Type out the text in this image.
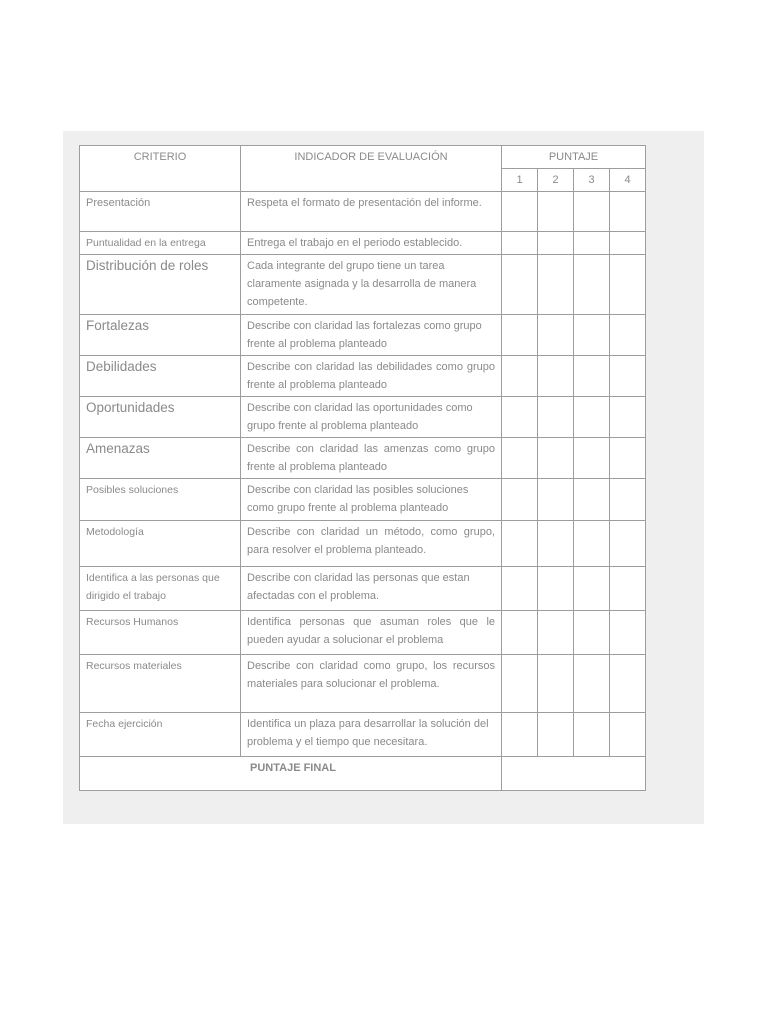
CRITERIO	INDICADOR DE EVALUACIÓN	PUNTAJE			
		1	2	3	4
Presentación	Respeta el formato de presentación del informe.				
Puntualidad en la entrega	Entrega el trabajo en el periodo establecido.				
Distribución de roles	Cada integrante del grupo tiene un tarea claramente asignada y la desarrolla de manera competente.				
Fortalezas	Describe con claridad las fortalezas como grupo frente al problema planteado				
Debilidades	Describe con claridad las debilidades como grupo frente al problema planteado				
Oportunidades	Describe con claridad las oportunidades como grupo frente al problema planteado				
Amenazas	Describe con claridad las amenzas como grupo frente al problema planteado				
Posibles soluciones	Describe con claridad las posibles soluciones como grupo frente al problema planteado				
Metodología	Describe con claridad un método, como grupo, para resolver el problema planteado.				
Identifica a las personas que dirigido el trabajo	Describe con claridad las personas que estan afectadas con el problema.				
Recursos Humanos	Identifica personas que asuman roles que le pueden ayudar a solucionar el problema				
Recursos materiales	Describe con claridad como grupo, los recursos materiales para solucionar el problema.				
Fecha ejercición	Identifica un plaza para desarrollar la solución del problema y el tiempo que necesitara.				
PUNTAJE FINAL					
